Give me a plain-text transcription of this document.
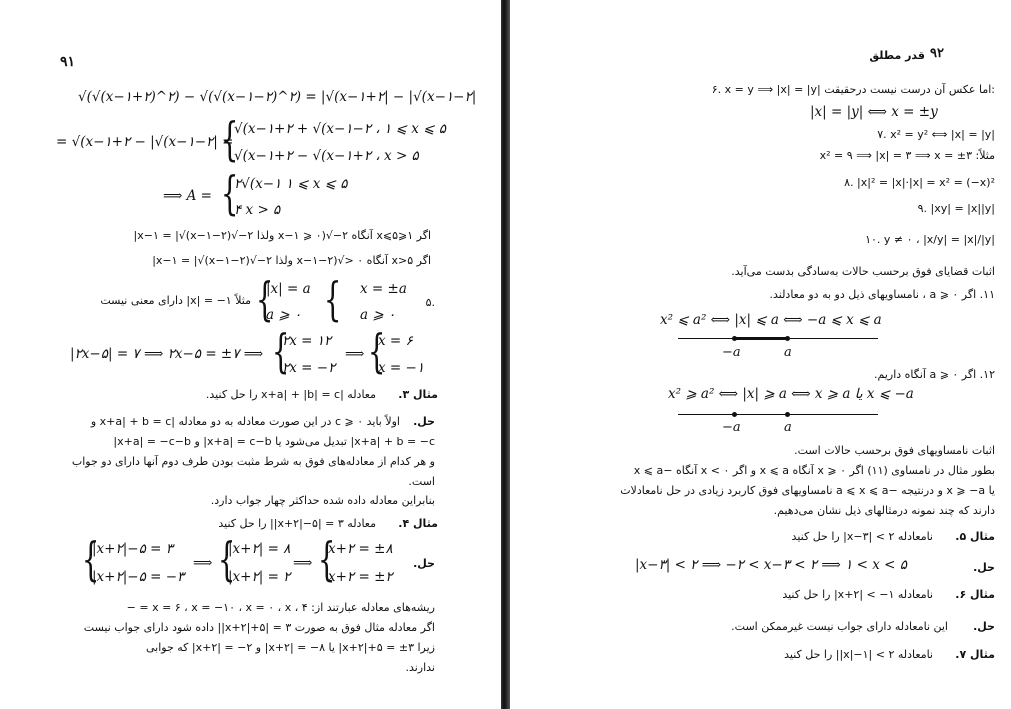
۹۱
√(√(x−۱+۲)^۲) − √(√(x−۱−۲)^۲) = |√(x−۱+۲| − |√(x−۱−۲|
= √(x−۱+۲ − |√(x−۱−۲| =
{
√(x−۱+۲ + √(x−۱−۲ ، ۱ ⩽ x ⩽ ۵
√(x−۱+۲ − √(x−۱+۲ ، x > ۵
⟹ A = {
۲√(x−۱ ۱ ⩽ x ⩽ ۵
۴ x > ۵
اگر ۱⩽x⩽۵ آنگاه ۲−√(x−۱ ⩾ ۰ ولذا ۲−√(x−۱ = |√(x−۱−۲|
اگر x>۵ آنگاه ۰ <√(x−۱−۲ ولذا ۲−√(x−۱ = |√(x−۱−۲|
۵.
{ x = ±a
a ⩾ ۰
{
|x| = a
a ⩾ ۰
مثلاً ۱− = |x| دارای معنی نیست
|۲x−۵| = ۷ ⟹ ۲x−۵ = ±۷ ⟹ {
۲x = ۱۲
۲x = −۲
⟹ {
x = ۶
x = −۱
مثال ۳.
معادله |x+a| + |b| = c را حل کنید.
حل.
اولاً باید c ⩾ ۰ در این صورت معادله به دو معادله |x+a| + b = c و
|x+a| = −c−b و |x+a| = c−b تبدیل می‌شود یا |x+a| + b = −c
و هر کدام از معادله‌های فوق به شرط مثبت بودن طرف دوم آنها دارای دو جواب
است.
بنابراین معادله داده شده حداکثر چهار جواب دارد.
مثال ۴.
معادله ۳ = |۵−|۲+x|| را حل کنید
حل.
{
|x+۲|−۵ = ۳
|x+۲|−۵ = −۳
⟹ {
|x+۲| = ۸
|x+۲| = ۲
⟹ {
x+۲ = ±۸
x+۲ = ±۲
ریشه‌های معادله عبارتند از: ۴ ، x = ۶ ، x = −۱۰ ، x = ۰ ، x = −
اگر معادله مثال فوق به صورت ۳ = |۵+|۲+x|| داده شود دارای جواب نیست
زیرا ۳± = ۵+|x+۲| یا ۸− = |x+۲| و ۲− = |x+۲| که جوابی
ندارند.
۹۲
قدر مطلق
۶. x = y ⟹ |x| = |y| اما عکس آن درست نیست درحقیقت:
|x| = |y| ⟺ x = ±y
۷. x² = y² ⟺ |x| = |y|
مثلاً: x² = ۹ ⟹ |x| = ۳ ⟹ x = ±۳
۸. |x|² = |x|·|x| = x² = (−x)²
۹. |xy| = |x||y|
۱۰. y ≠ ۰ ، |x/y| = |x|/|y|
اثبات قضایای فوق برحسب حالات به‌سادگی بدست می‌آید.
۱۱. اگر a ⩾ ۰ ، نامساویهای ذیل دو به دو معادلند.
x² ⩽ a² ⟺ |x| ⩽ a ⟺ −a ⩽ x ⩽ a
−a	a
۱۲. اگر a ⩾ ۰ آنگاه داریم.
x² ⩾ a² ⟺ |x| ⩾ a ⟺ x ⩾ a یا x ⩽ −a
−a	a
اثبات نامساویهای فوق برحسب حالات است.
بطور مثال در نامساوی (۱۱) اگر x ⩾ ۰ آنگاه x ⩽ a و اگر x < ۰ آنگاه −x ⩽ a
یا x ⩾ −a و درنتیجه −a ⩽ x ⩽ a نامساویهای فوق کاربرد زیادی در حل نامعادلات
دارند که چند نمونه درمثالهای ذیل نشان می‌دهیم.
مثال ۵.
نامعادله ۲ > |۳−x| را حل کنید
حل.
|x−۳| < ۲ ⟹ −۲ < x−۳ < ۲ ⟹ ۱ < x < ۵
مثال ۶.
نامعادله ۱− > |۲+x| را حل کنید
حل.
این نامعادله دارای جواب نیست غیرممکن است.
مثال ۷.
نامعادله ۲ > |۱−|x|| را حل کنید
